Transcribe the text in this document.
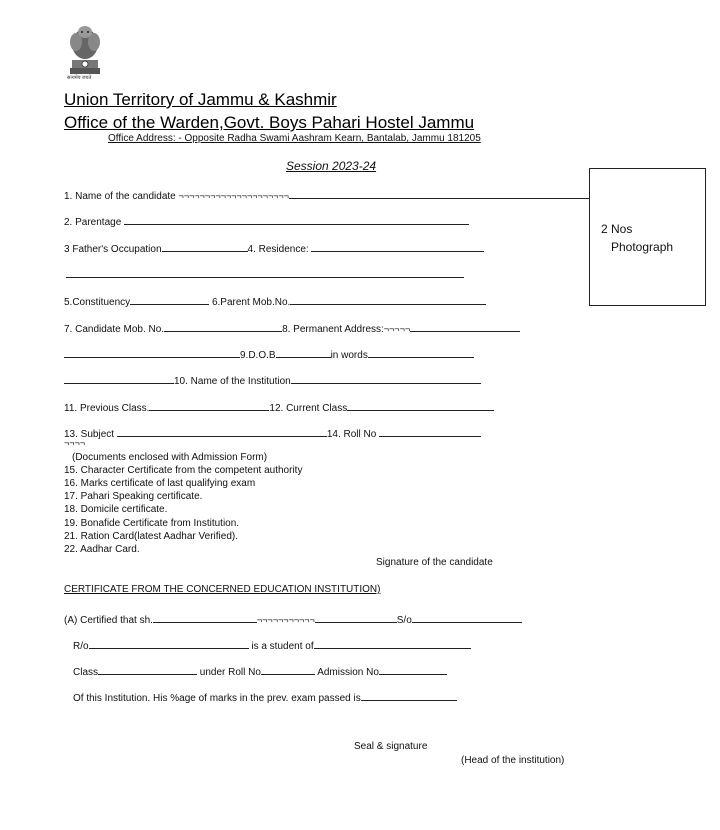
सत्यमेव जयते
Union Territory of Jammu & Kashmir
Office of the Warden,Govt. Boys Pahari Hostel Jammu
Office Address: - Opposite Radha Swami Aashram Kearn, Bantalab, Jammu 181205
Session 2023-24
2 Nos
Photograph
1. Name of the candidate ¬¬¬¬¬¬¬¬¬¬¬¬¬¬¬¬¬¬¬¬¬
2. Parentage
3 Father's Occupation	4. Residence:
5.Constituency	6.Parent Mob.No.
7. Candidate Mob. No.	8. Permanent Address:¬¬¬¬¬
9.D.O.B	in words
10. Name of the Institution
11. Previous Class.	12. Current Class
13. Subject	14. Roll No
¬¬¬¬
(Documents enclosed with Admission Form)
15. Character Certificate from the competent authority
16. Marks certificate of last qualifying exam
17. Pahari Speaking certificate.
18. Domicile certificate.
19. Bonafide Certificate from Institution.
21. Ration Card(latest Aadhar Verified).
22. Aadhar Card.
Signature of the candidate
CERTIFICATE FROM THE CONCERNED EDUCATION INSTITUTION)
(A) Certified that sh.	¬¬¬¬¬¬¬¬¬¬¬	S/o
R/o	is a student of
Class	under Roll No	Admission No
Of this Institution. His %age of marks in the prev. exam passed is
Seal & signature
(Head of the institution)
